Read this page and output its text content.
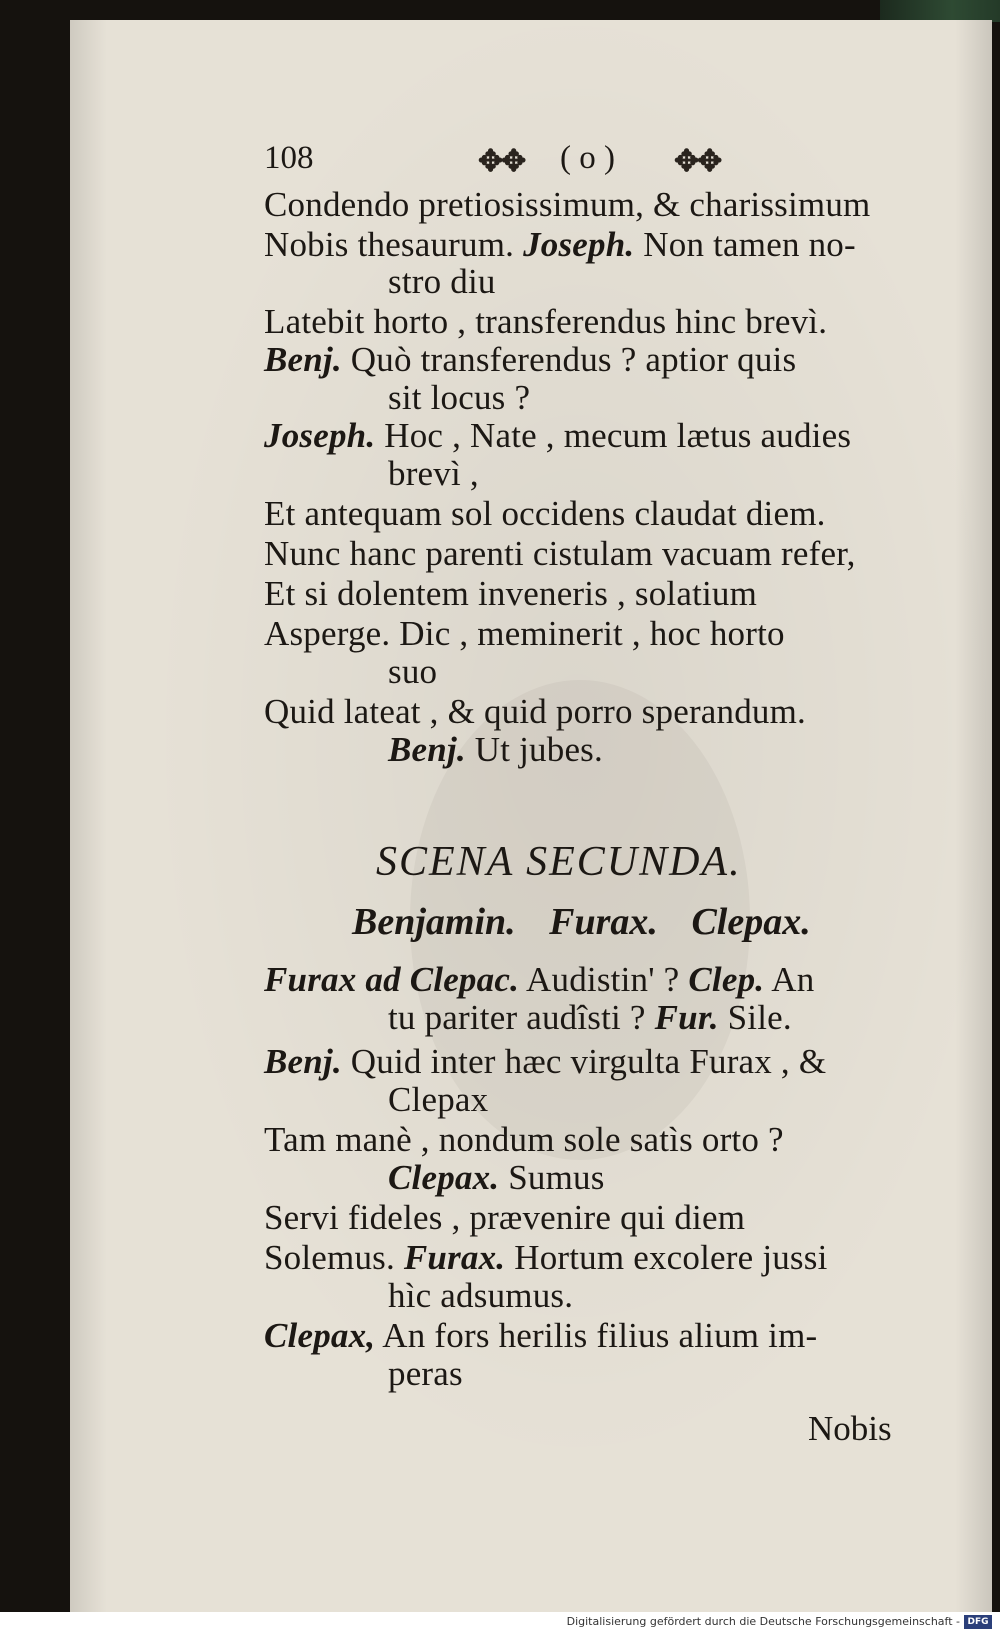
108	✥✥ ( o ) ✥✥
Condendo pretiosissimum, & charissimum
Nobis thesaurum. Joseph. Non tamen no-
stro diu
Latebit horto , transferendus hinc brevì.
Benj. Quò transferendus ? aptior quis
sit locus ?
Joseph. Hoc , Nate , mecum lætus audies
brevì ,
Et antequam sol occidens claudat diem.
Nunc hanc parenti cistulam vacuam refer,
Et si dolentem inveneris , solatium
Asperge. Dic , meminerit , hoc horto
suo
Quid lateat , & quid porro sperandum.
Benj. Ut jubes.
SCENA SECUNDA.
Benjamin. Furax. Clepax.
Furax ad Clepac. Audistin' ? Clep. An
tu pariter audîsti ? Fur. Sile.
Benj. Quid inter hæc virgulta Furax , &
Clepax
Tam manè , nondum sole satìs orto ?
Clepax. Sumus
Servi fideles , prævenire qui diem
Solemus. Furax. Hortum excolere jussi
hìc adsumus.
Clepax, An fors herilis filius alium im-
peras
Nobis
Digitalisierung gefördert durch die Deutsche Forschungsgemeinschaft - DFG
